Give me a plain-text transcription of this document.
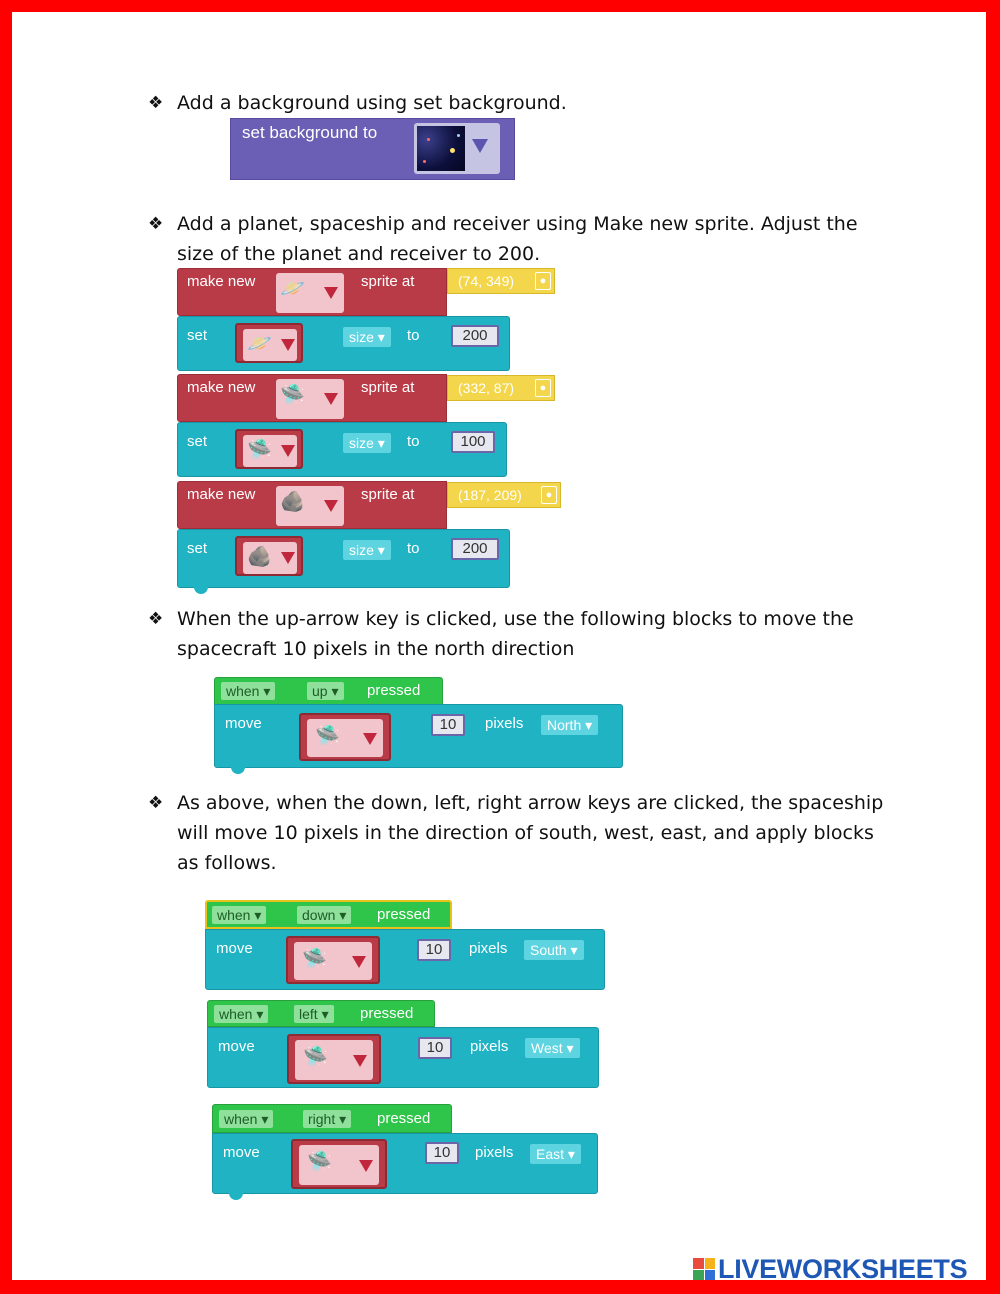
❖ Add a background using set background.
set background to
❖ Add a planet, spaceship and receiver using Make new sprite. Adjust the size of the planet and receiver to 200.
make new 🪐	sprite at	(74, 349)	●
set 🪐	size ▾	to	200
make new 🛸	sprite at	(332, 87)	●
set 🛸	size ▾	to	100
make new 🪨	sprite at	(187, 209)	●
set 🪨	size ▾	to	200
❖ When the up-arrow key is clicked, use the following blocks to move the spacecraft 10 pixels in the north direction
when ▾	up ▾	pressed
move
🛸
10	pixels	North ▾
❖ As above, when the down, left, right arrow keys are clicked, the spaceship will move 10 pixels in the direction of south, west, east, and apply blocks as follows.
when ▾	down ▾	pressed
move 🛸	10	pixels	South ▾
when ▾	left ▾	pressed
move 🛸	10	pixels	West ▾
when ▾	right ▾	pressed
move 🛸	10	pixels	East ▾
LIVEWORKSHEETS
